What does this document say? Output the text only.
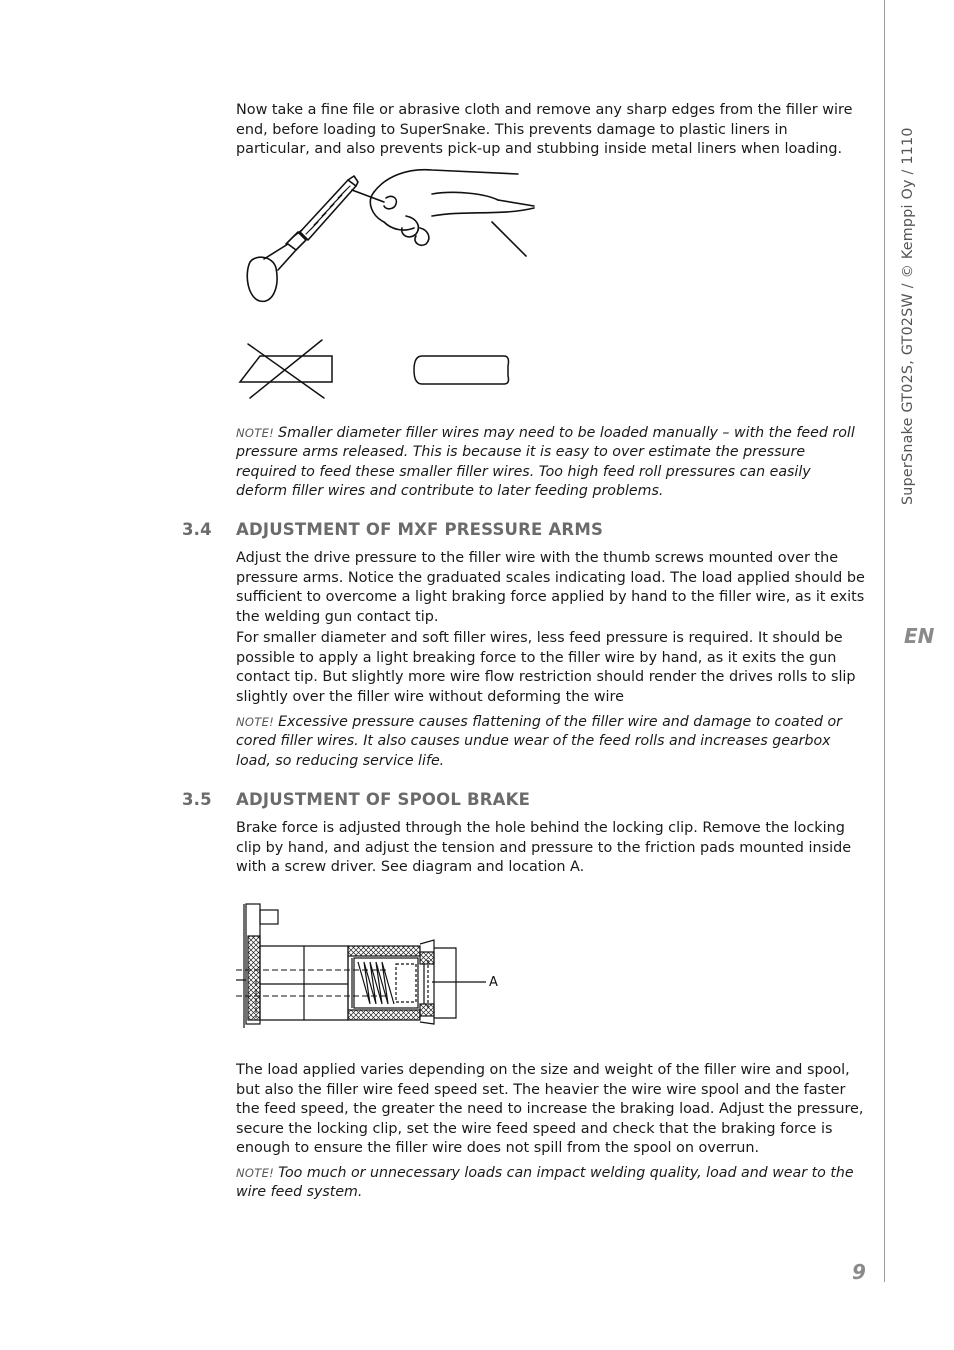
Now take a fine file or abrasive cloth and remove any sharp edges from the filler wire end, before loading to SuperSnake. This prevents damage to plastic liners in particular, and also prevents pick-up and stubbing inside metal liners when loading.

NOTE! Smaller diameter filler wires may need to be loaded manually – with the feed roll pressure arms released. This is because it is easy to over estimate the pressure required to feed these smaller filler wires. Too high feed roll pressures can easily deform filler wires and contribute to later feeding problems.

3.4 ADJUSTMENT OF MXF PRESSURE ARMS

Adjust the drive pressure to the filler wire with the thumb screws mounted over the pressure arms. Notice the graduated scales indicating load. The load applied should be sufficient to overcome a light braking force applied by hand to the filler wire, as it exits the welding gun contact tip.

For smaller diameter and soft filler wires, less feed pressure is required. It should be possible to apply a light breaking force to the filler wire by hand, as it exits the gun contact tip. But slightly more wire flow restriction should render the drives rolls to slip slightly over the filler wire without deforming the wire

NOTE! Excessive pressure causes flattening of the filler wire and damage to coated or cored filler wires. It also causes undue wear of the feed rolls and increases gearbox load, so reducing service life.

3.5 ADJUSTMENT OF SPOOL BRAKE

Brake force is adjusted through the hole behind the locking clip. Remove the locking clip by hand, and adjust the tension and pressure to the friction pads mounted inside with a screw driver. See diagram and location A.

A

The load applied varies depending on the size and weight of the filler wire and spool, but also the filler wire feed speed set. The heavier the wire wire spool and the faster the feed speed, the greater the need to increase the braking load. Adjust the pressure, secure the locking clip, set the wire feed speed and check that the braking force is enough to ensure the filler wire does not spill from the spool on overrun.

NOTE! Too much or unnecessary loads can impact welding quality, load and wear to the wire feed system.

SuperSnake GT02S, GT02SW / © Kemppi Oy / 1110
EN
9
